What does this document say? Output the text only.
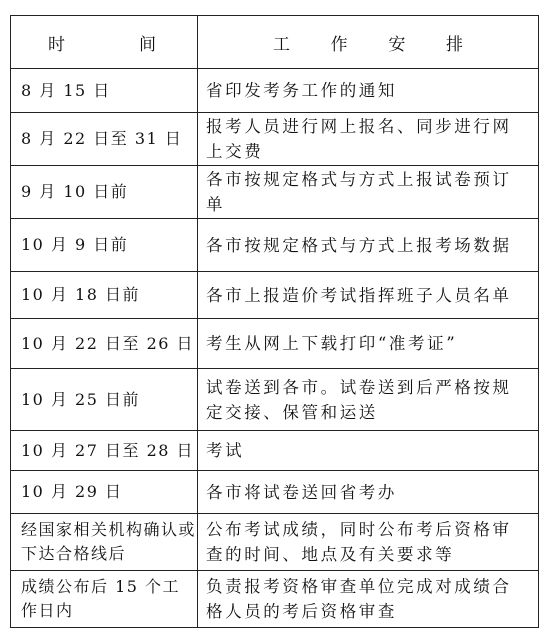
时 间	工 作 安 排

8 月 15 日	省印发考务工作的通知
8 月 22 日至 31 日	报考人员进行网上报名、同步进行网上交费
9 月 10 日前	各市按规定格式与方式上报试卷预订单
10 月 9 日前	各市按规定格式与方式上报考场数据
10 月 18 日前	各市上报造价考试指挥班子人员名单
10 月 22 日至 26 日	考生从网上下载打印“准考证”
10 月 25 日前	试卷送到各市。试卷送到后严格按规定交接、保管和运送
10 月 27 日至 28 日	考试
10 月 29 日	各市将试卷送回省考办
经国家相关机构确认或下达合格线后	公布考试成绩，同时公布考后资格审查的时间、地点及有关要求等
成绩公布后 15 个工作日内	负责报考资格审查单位完成对成绩合格人员的考后资格审查
